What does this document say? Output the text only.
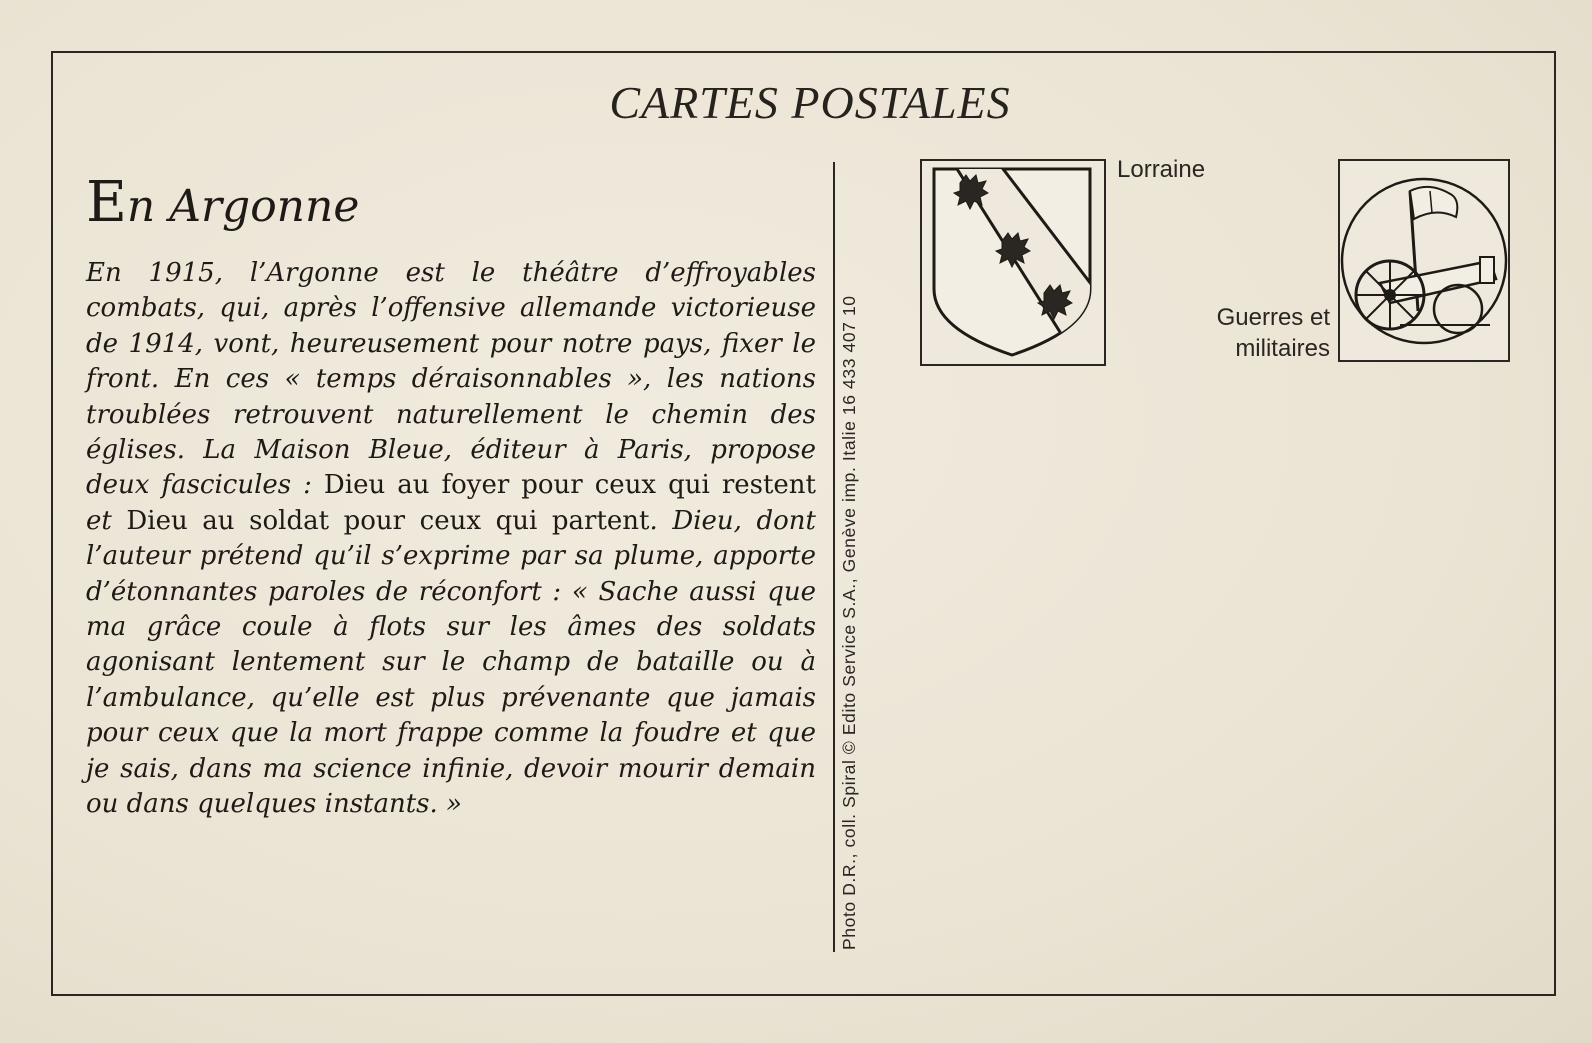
CARTES POSTALES
En Argonne
En 1915, l’Argonne est le théâtre d’effroyables combats, qui, après l’offensive allemande victorieuse de 1914, vont, heureusement pour notre pays, fixer le front. En ces « temps déraisonnables », les nations troublées retrouvent naturellement le chemin des églises. La Maison Bleue, éditeur à Paris, propose deux fascicules : Dieu au foyer pour ceux qui restent et Dieu au soldat pour ceux qui partent. Dieu, dont l’auteur prétend qu’il s’exprime par sa plume, apporte d’étonnantes paroles de réconfort : « Sache aussi que ma grâce coule à flots sur les âmes des soldats agonisant lentement sur le champ de bataille ou à l’ambulance, qu’elle est plus prévenante que jamais pour ceux que la mort frappe comme la foudre et que je sais, dans ma science infinie, devoir mourir demain ou dans quelques instants. »	Photo D.R., coll. Spiral © Edito Service S.A., Genève imp. Italie 16 433 407 10
Lorraine
Guerres et
militaires
